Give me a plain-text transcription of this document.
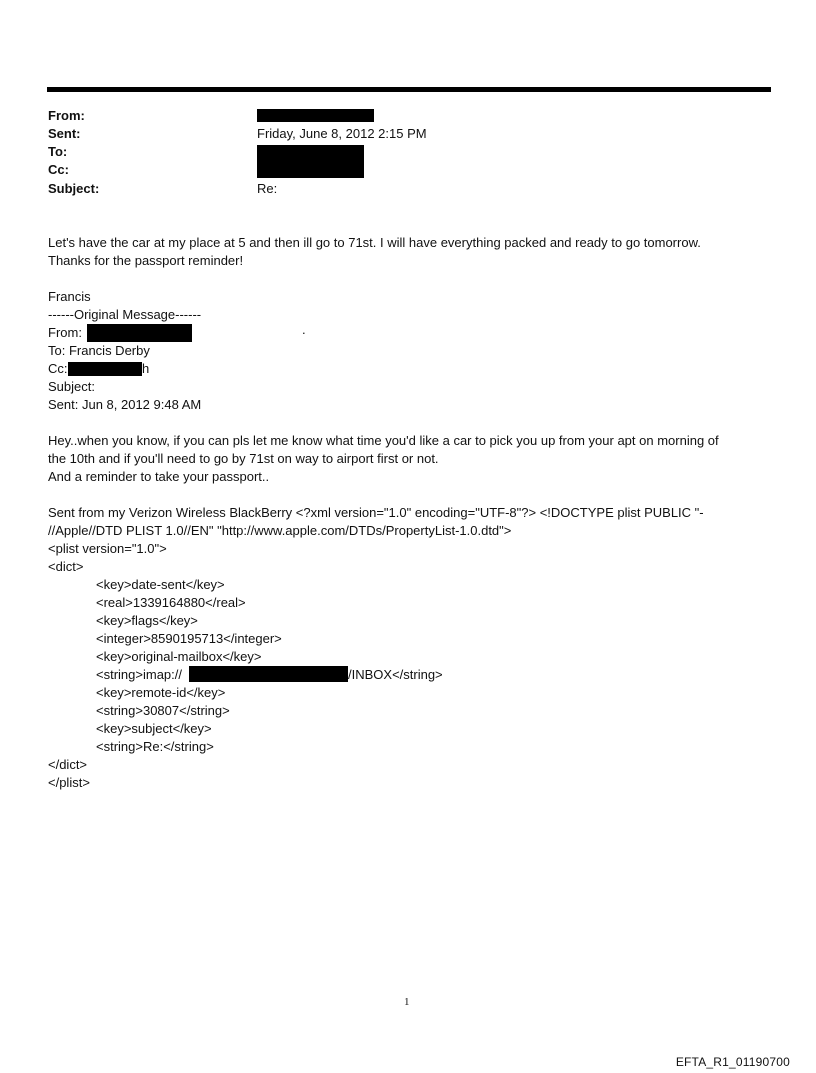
From:
Sent:	Friday, June 8, 2012 2:15 PM
To:
Cc:
Subject:	Re:
Let's have the car at my place at 5 and then ill go to 71st. I will have everything packed and ready to go tomorrow.
Thanks for the passport reminder!
Francis
------Original Message------
From:	.
To: Francis Derby
Cc:	h
Subject:
Sent: Jun 8, 2012 9:48 AM
Hey..when you know, if you can pls let me know what time you'd like a car to pick you up from your apt on morning of
the 10th and if you'll need to go by 71st on way to airport first or not.
And a reminder to take your passport..
Sent from my Verizon Wireless BlackBerry <?xml version="1.0" encoding="UTF-8"?> <!DOCTYPE plist PUBLIC "-
//Apple//DTD PLIST 1.0//EN" "http://www.apple.com/DTDs/PropertyList-1.0.dtd">
<plist version="1.0">
<dict>
<key>date-sent</key>
<real>1339164880</real>
<key>flags</key>
<integer>8590195713</integer>
<key>original-mailbox</key>
<string>imap://	/INBOX</string>
<key>remote-id</key>
<string>30807</string>
<key>subject</key>
<string>Re:</string>
</dict>
</plist>
1
EFTA_R1_01190700
